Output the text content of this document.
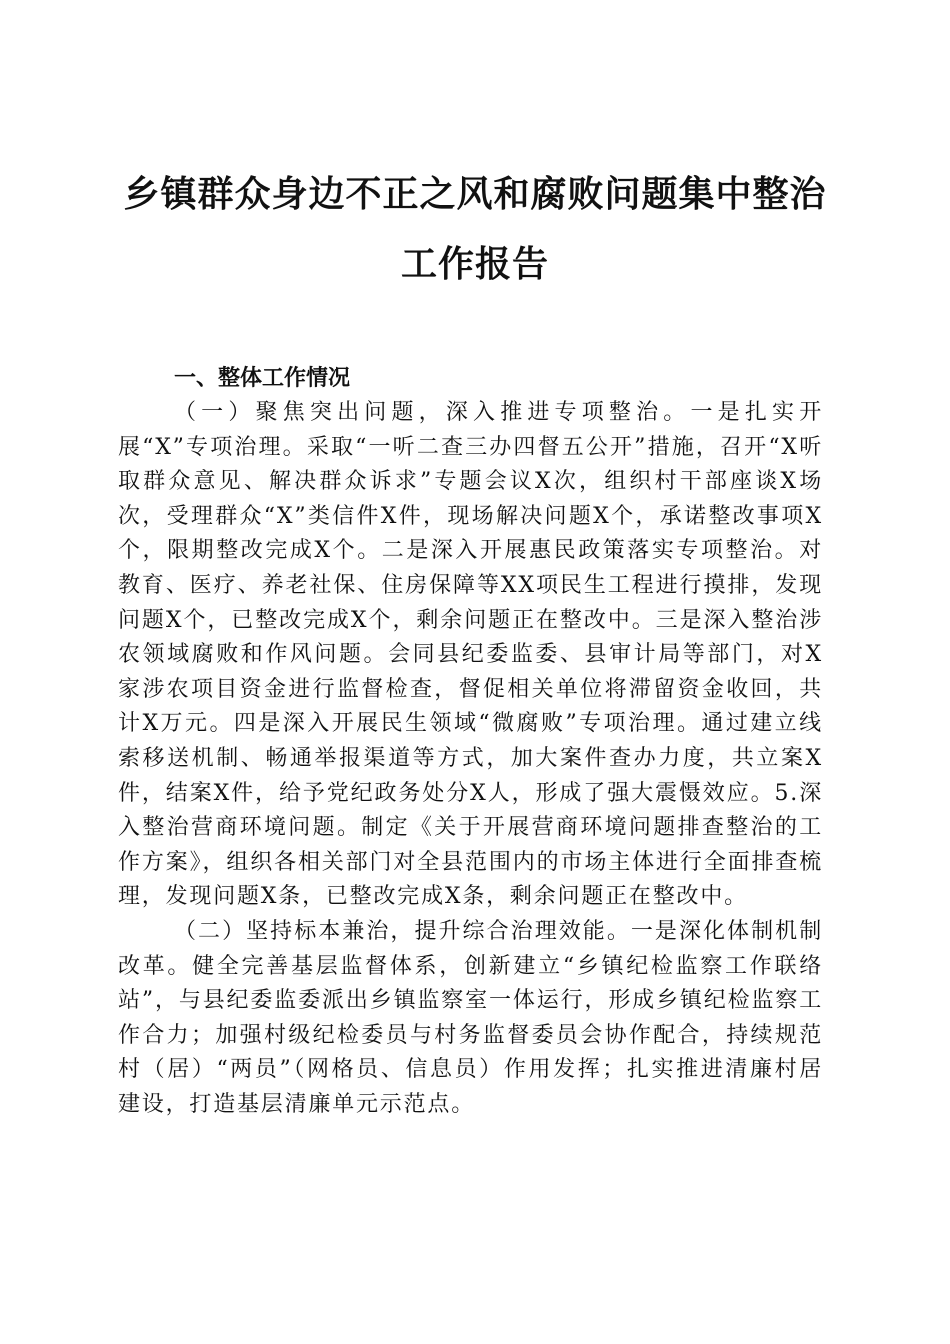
乡镇群众身边不正之风和腐败问题集中整治工作报告
一、整体工作情况

（一）聚焦突出问题，深入推进专项整治。一是扎实开展“X”专项治理。采取“一听二查三办四督五公开”措施，召开“X听取群众意见、解决群众诉求”专题会议X次，组织村干部座谈X场次，受理群众“X”类信件X件，现场解决问题X个，承诺整改事项X个，限期整改完成X个。二是深入开展惠民政策落实专项整治。对教育、医疗、养老社保、住房保障等XX项民生工程进行摸排，发现问题X个，已整改完成X个，剩余问题正在整改中。三是深入整治涉农领域腐败和作风问题。会同县纪委监委、县审计局等部门，对X家涉农项目资金进行监督检查，督促相关单位将滞留资金收回，共计X万元。四是深入开展民生领域“微腐败”专项治理。通过建立线索移送机制、畅通举报渠道等方式，加大案件查办力度，共立案X件，结案X件，给予党纪政务处分X人，形成了强大震慑效应。5.深入整治营商环境问题。制定《关于开展营商环境问题排查整治的工作方案》，组织各相关部门对全县范围内的市场主体进行全面排查梳理，发现问题X条，已整改完成X条，剩余问题正在整改中。

（二）坚持标本兼治，提升综合治理效能。一是深化体制机制改革。健全完善基层监督体系，创新建立“乡镇纪检监察工作联络站”，与县纪委监委派出乡镇监察室一体运行，形成乡镇纪检监察工作合力；加强村级纪检委员与村务监督委员会协作配合，持续规范村（居）“两员”（网格员、信息员）作用发挥；扎实推进清廉村居建设，打造基层清廉单元示范点。
